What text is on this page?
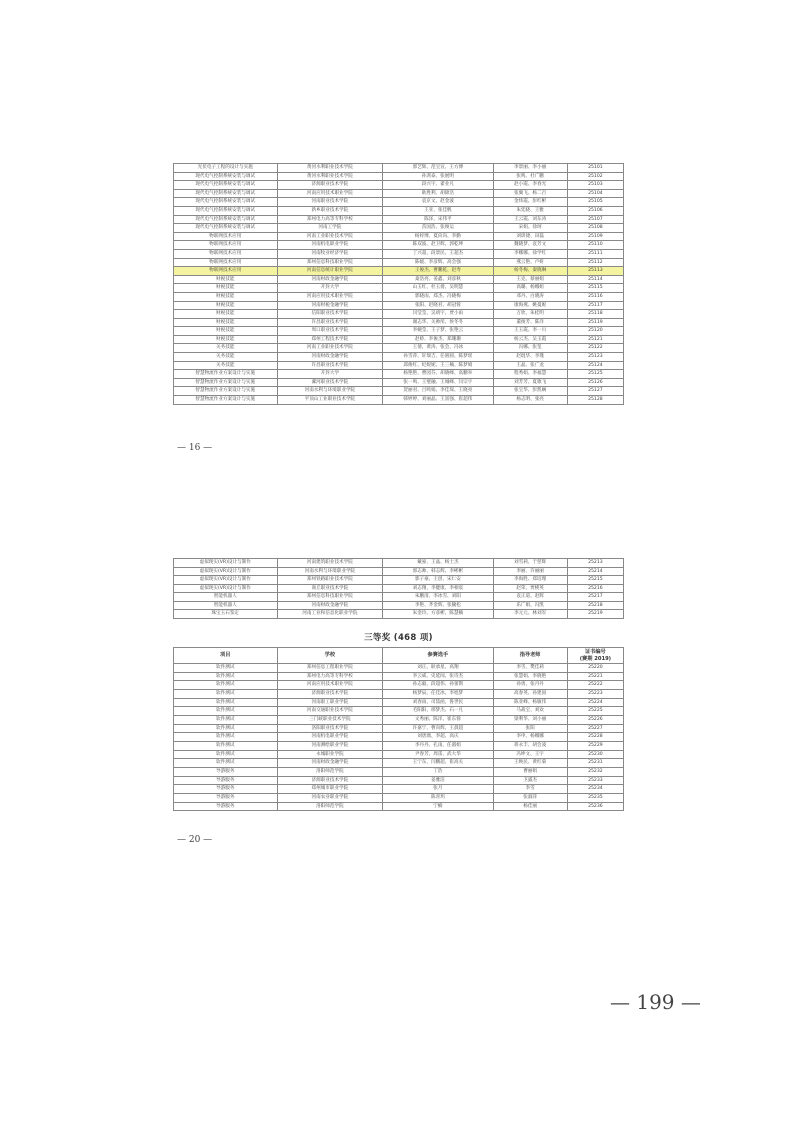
光伏电子工程的设计与实施	黄河水利职业技术学院	郭艺辉、范宝宣、王方博	李景丽、李小丽	25101
现代电气控制系统安装与调试	黄河水利职业技术学院	孙鸿泰、张展明	张鸣、杜广鹏	25102
现代电气控制系统安装与调试	济源职业技术学院	段兴宇、翟业凡	赵小霞、李春光	25103
现代电气控制系统安装与调试	河南应用技术职业学院	耿胜利、胡锦浩	张翼飞、杨二召	25104
现代电气控制系统安装与调试	河南职业技术学院	袁京文、赵金波	金炜霞、彭红彬	25105
现代电气控制系统安装与调试	新乡职业技术学院	王亚、张佳帆	朱廷晓、王雅	25106
现代电气控制系统安装与调试	郑州电力高等专科学校	陈泽、宋伟平	王云霞、刘东涛	25107
现代电气控制系统安装与调试	河南工学院	苗国浩、张俊运	宋娟、徐珂	25108
物联网技术应用	河南工业职业技术学院	杨梓博、夏向向、李勤	刘训捷、田磊	25109
物联网技术应用	河南机电职业学院	陈双波、赵卫辉、郭乾坤	魏晓梦、袁芳文	25110
物联网技术应用	河南牧业经济学院	丁兴超、段景民、王超杰	李娜娜、徐学红	25111
物联网技术应用	郑州信息科技职业学院	陈媛、李彦辉、高会强	燕云艳、卢妍	25112
物联网技术应用	河南信息统计职业学院	王俊杰、曹鹏乾、赵寿	杨冬梅、秦晓琳	25113
财税技能	河南财政金融学院	桑浩亮、姜鑫、刘彦秋	王克、蔡丽娟	25114
财税技能	开封大学	山玉红、杜玉倩、吴明慧	高璐、杨娜姐	25115
财税技能	河南应用技术职业学院	郭晓雨、郑杰、冯晓梅	邓丹、白晓涛	25116
财税技能	河南财税金融学院	张阳、赵晓君、胡冠蓉	康海燕、姚曼妮	25117
财税技能	信阳职业技术学院	闫莹莹、吴靖宇、贾小雨	万欣、朱桂明	25118
财税技能	许昌职业技术学院	谢志华、关帅彤、侯冬冬	董俊芳、陈洋	25119
财税技能	周口职业技术学院	李婉莹、王子梦、张艳云	王玉霞、李一川	25120
财税技能	郑州工程技术学院	赵娇、李俊杰、郑珊珊	杨云杰、吴玉霞	25121
关务技能	河南工业职业技术学院	王倩、黄涛、张会、冯冰	冯娜、张玺	25122
关务技能	河南财政金融学院	孙雪萍、轩瑞吉、任圆圆、陈梦瑶	赵琨华、李瑾	25123
关务技能	许昌职业技术学院	邱俊红、纪妮妮、王三楠、陈梦娟	王晶、张广龙	25124
智慧物流作业方案设计与实施	开封大学	杨艳艳、曹园芬、胡晓峰、高鹏举	程秀娟、李福慧	25125
智慧物流作业方案设计与实施	漯河职业技术学院	张一鸣、王璧融、王城峰、闫宗宇	刘芳芳、夏歌飞	25126
智慧物流作业方案设计与实施	河南水利与环境职业学院	贺丽君、吕鸣娟、李佳琛、王晓亮	张宝华、彭凯娴	25127
智慧物流作业方案设计与实施	平顶山工业职业技术学院	韩婷婷、刘丽晶、王富强、崔超伟	杨志明、张亮	25128
— 16 —
虚拟现实(VR)设计与制作	河南建筑职业技术学院	戴豪、王晶、杨士杰	刘雪莉、于慈辉	25213
虚拟现实(VR)设计与制作	河南水利与环境职业学院	郭志帅、韩志辉、李彬彬	李丽、许丽丽	25214
虚拟现实(VR)设计与制作	郑州铁路职业技术学院	郭子豪、王创、宋仁安	李海胜、郑培理	25215
虚拟现实(VR)设计与制作	商丘职业技术学院	刘志翔、李健康、李相宸	赵荣、贾桃英	25216
智能机器人	郑州信息科技职业学院	朱鹏清、李冰雪、刘阳	袁正道、赵辉	25217
智能机器人	河南财政金融学院	李艳、齐金辉、张毓松	乐广娟、冯凯	25218
珠宝玉石鉴定	河南工业和信息化职业学院	朱金玲、方彦彬、陈慧楠	李元元、林刘军	25219
三等奖 (468 项)
项目	学校	参赛选手	指导老师	证书编号
(赛期 2019)
软件测试	郑州信息工程职业学院	刘正、耿承星、高翔	李雪、樊佳莉	25220
软件测试	郑州电力高等专科学校	李云威、史延闯、张诗杰	张慧娟、李晓艳	25221
软件测试	河南应用技术职业学院	孙志毅、段超伟、孙蕾斯	孙勇、张丹丹	25222
软件测试	济源职业技术学院	杨梦辰、任佳冰、李旭梦	高春英、孙建国	25223
软件测试	河南职工职业学院	刘春雨、司喆函、鲁世民	陈亚峰、杨敏伟	25224
软件测试	河南交通职业技术学院	毛阳阳、邢梦杰、石一凡	马战宝、刘欢	25225
软件测试	三门峡职业技术学院	文秀丽、陈洋、崔东蓉	梁利华、刘小丽	25226
软件测试	洛阳职业技术学院	许嘉宁、曹向辉、王晨超	张阳	25227
软件测试	河南机电职业学院	刘唐澳、李超、高庆	李申、杨娜娜	25228
软件测试	河南测绘职业学院	李丹丹、孔雨、任淑娟	蒋永丰、胡会凌	25229
软件测试	永城职业学院	尹春芳、周雷、武大华	冯坤文、王宇	25230
软件测试	河南财政金融学院	王宁东、闫鹏超、崔高关	王焕民、黄红菊	25231
导游服务	洛阳师范学院	丁浩	曹丽娟	25232
导游服务	济源职业技术学院	姜雅洁	卫露杰	25233
导游服务	郑州城市职业学院	张月	李雪	25234
导游服务	河南农业职业学院	陈青玥	张淑萍	25235
导游服务	洛阳师范学院	宁楠	杨佳丽	25236
— 20 —
— 199 —
